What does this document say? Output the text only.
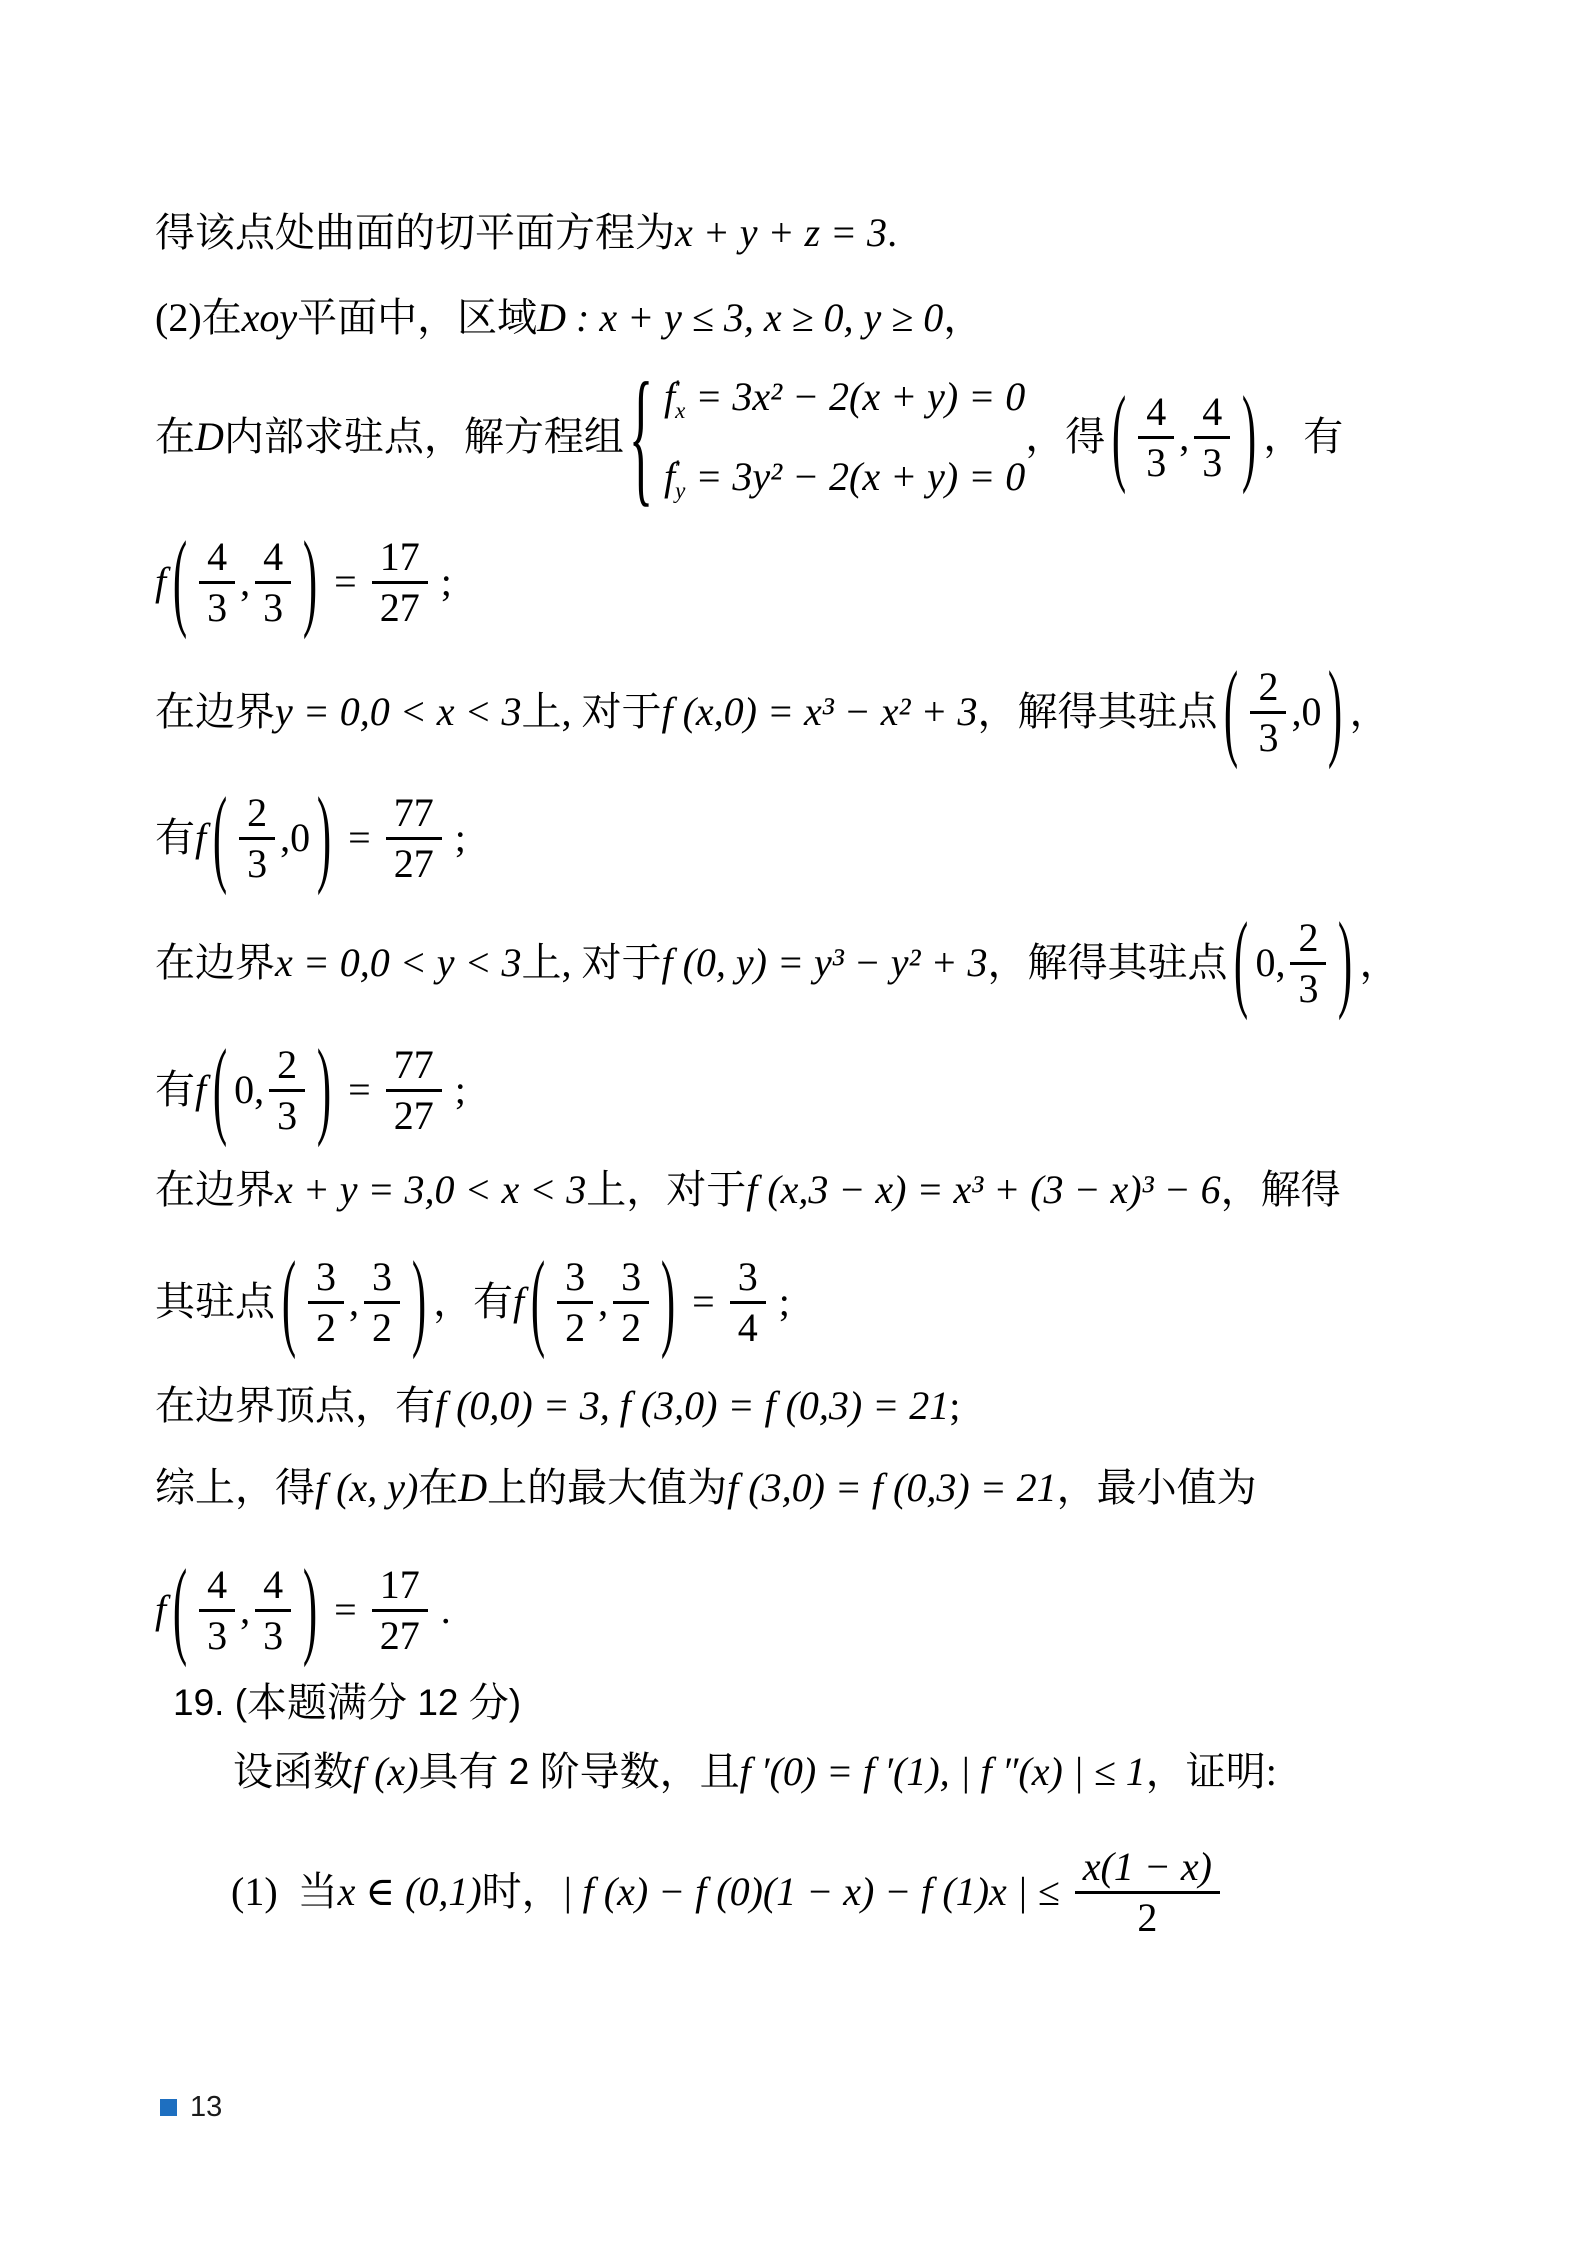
得该点处曲面的切平面方程为 x + y + z = 3 .
(2) 在 xoy 平面中，区域 D : x + y ≤ 3, x ≥ 0, y ≥ 0 ，
在 D 内部求驻点，解方程组 { f ′
x = 3x² − 2(x + y) = 0
f ′
y = 3y² − 2(x + y) = 0
， 得 ( $\frac{4}{3}$ , $\frac{4}{3}$ ) ， 有
f ( $\frac{4}{3}$ , $\frac{4}{3}$ ) = $\frac{17}{27}$ ;
在边界 y = 0,0 < x < 3 上, 对于 f (x,0) = x³ − x² + 3 ，解得其驻点 ( $\frac{2}{3}$ , 0 ) ，
有 f ( $\frac{2}{3}$ , 0 ) = $\frac{77}{27}$ ;
在边界 x = 0,0 < y < 3 上, 对于 f (0, y) = y³ − y² + 3 ，解得其驻点 ( 0 , $\frac{2}{3}$ ) ，
有 f ( 0 , $\frac{2}{3}$ ) = $\frac{77}{27}$ ;
在边界 x + y = 3,0 < x < 3 上，对于 f (x,3 − x) = x³ + (3 − x)³ − 6 ，解得
其驻点 ( $\frac{3}{2}$ , $\frac{3}{2}$ ) ，有 f ( $\frac{3}{2}$ , $\frac{3}{2}$ ) = $\frac{3}{4}$ ;
在边界顶点，有 f (0,0) = 3, f (3,0) = f (0,3) = 21 ;
综上，得 f (x, y) 在 D 上的最大值为 f (3,0) = f (0,3) = 21 ，最小值为
f ( $\frac{4}{3}$ , $\frac{4}{3}$ ) = $\frac{17}{27}$ .
19. ( 本题满分 12 分 )
设函数 f (x) 具有 2 阶导数，且 f ′(0) = f ′(1), | f ″(x) | ≤ 1 ，证明:
(1) 当 x ∈ (0,1) 时， | f (x) − f (0)(1 − x) − f (1)x | ≤ $\frac{x(1 - x)}{2}$
13
